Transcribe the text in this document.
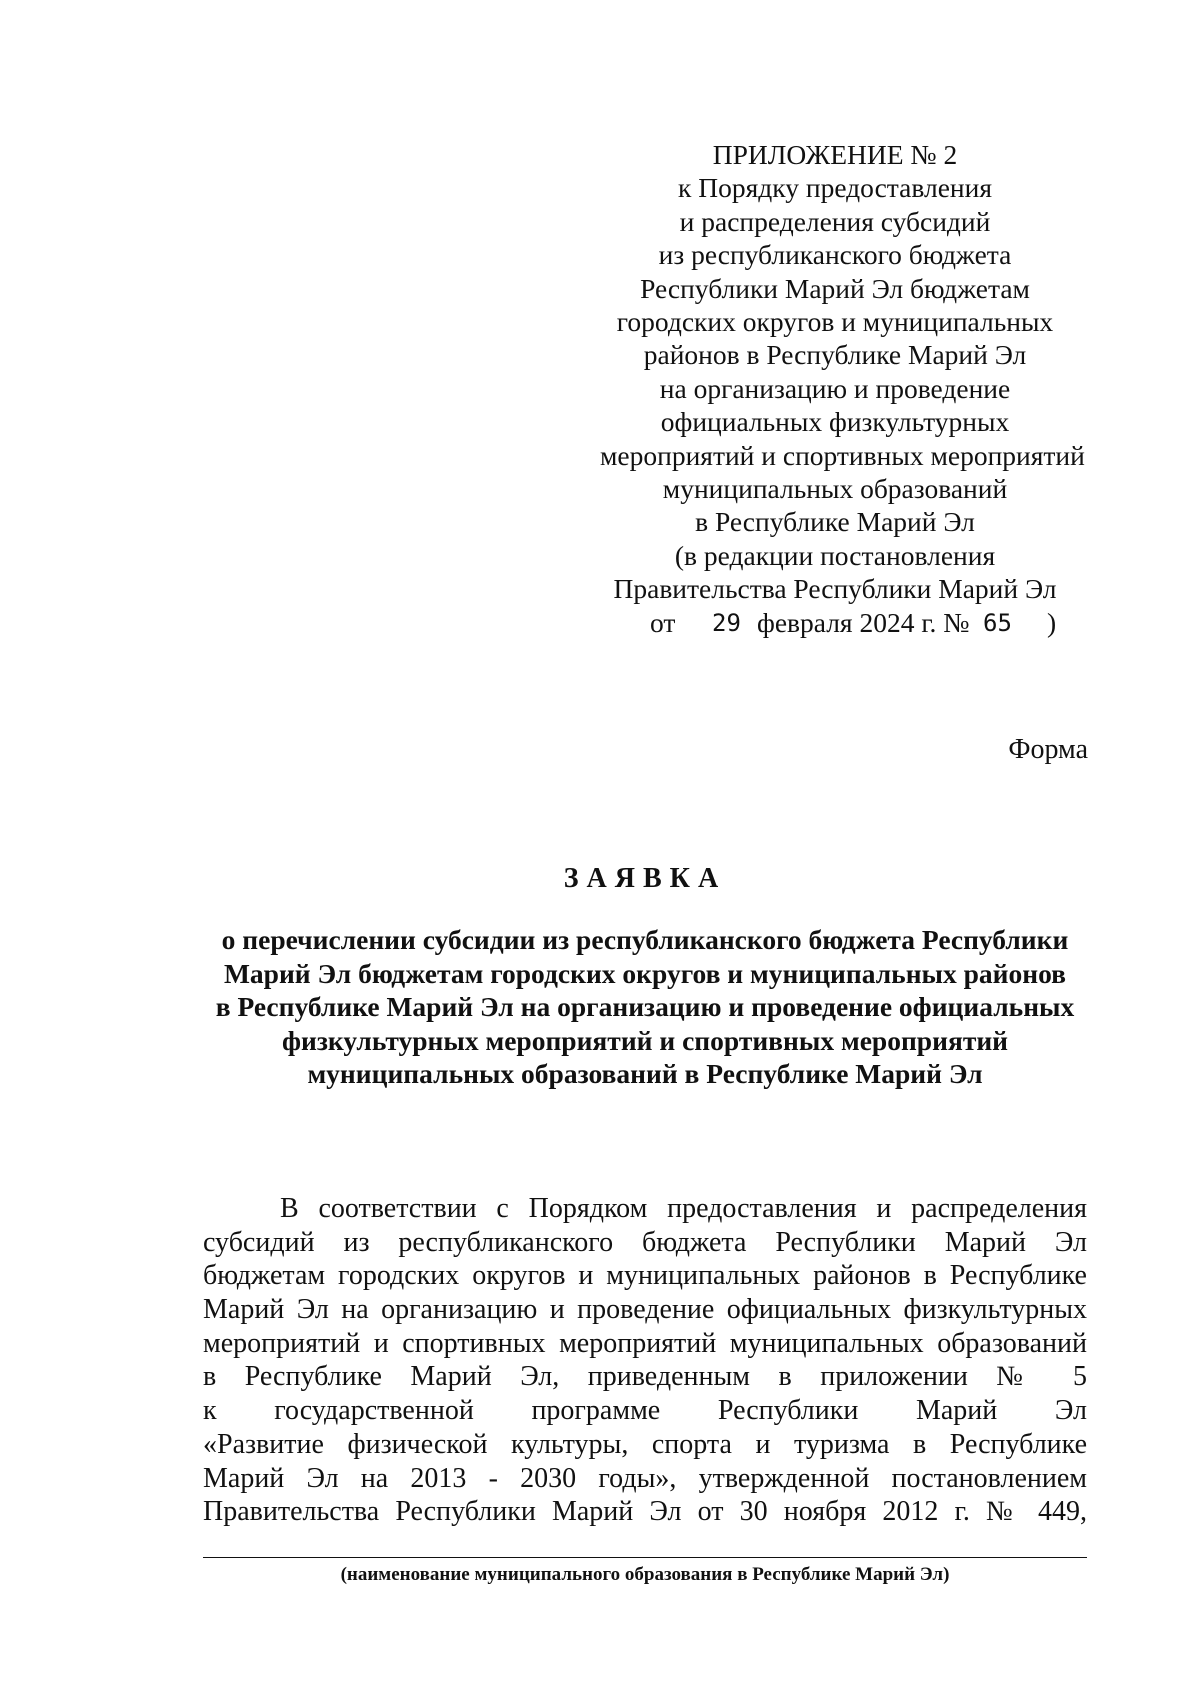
ПРИЛОЖЕНИЕ № 2
к Порядку предоставления
и распределения субсидий
из республиканского бюджета
Республики Марий Эл бюджетам
городских округов и муниципальных
районов в Республике Марий Эл
на организацию и проведение
официальных физкультурных
мероприятий и спортивных мероприятий
муниципальных образований
в Республике Марий Эл
(в редакции постановления
Правительства Республики Марий Эл
от 29 февраля 2024 г. № 65 )
Форма
ЗАЯВКА
о перечислении субсидии из республиканского бюджета Республики
Марий Эл бюджетам городских округов и муниципальных районов
в Республике Марий Эл на организацию и проведение официальных
физкультурных мероприятий и спортивных мероприятий
муниципальных образований в Республике Марий Эл
В соответствии с Порядком предоставления и распределения
субсидий из республиканского бюджета Республики Марий Эл
бюджетам городских округов и муниципальных районов в Республике
Марий Эл на организацию и проведение официальных физкультурных
мероприятий и спортивных мероприятий муниципальных образований
в Республике Марий Эл, приведенным в приложении № 5
к государственной программе Республики Марий Эл
«Развитие физической культуры, спорта и туризма в Республике
Марий Эл на 2013 - 2030 годы», утвержденной постановлением
Правительства Республики Марий Эл от 30 ноября 2012 г. № 449,
(наименование муниципального образования в Республике Марий Эл)
